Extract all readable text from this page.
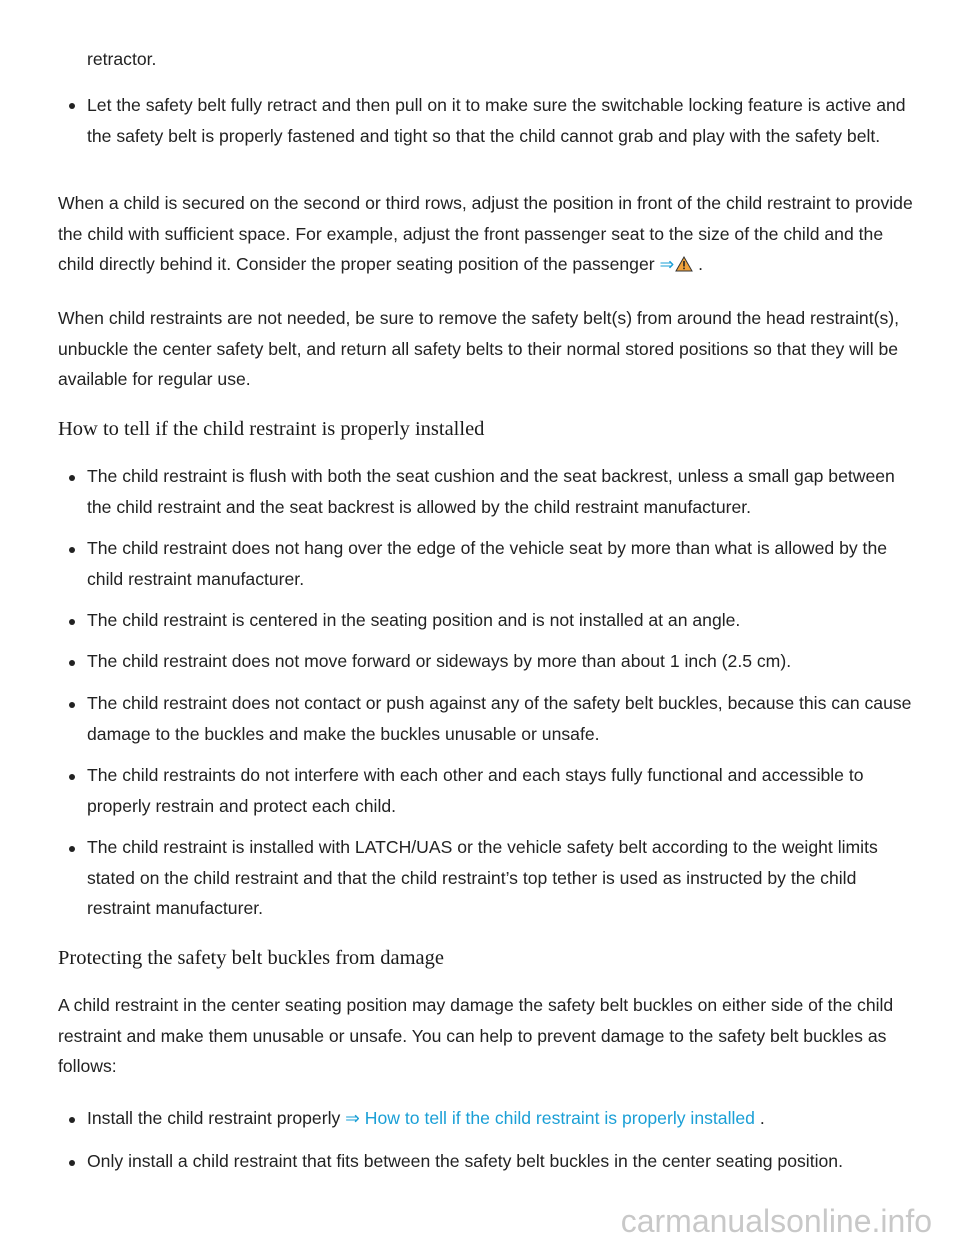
retractor.

Let the safety belt fully retract and then pull on it to make sure the switchable locking feature is active and the safety belt is properly fastened and tight so that the child cannot grab and play with the safety belt.

When a child is secured on the second or third rows, adjust the position in front of the child restraint to provide the child with sufficient space. For example, adjust the front passenger seat to the size of the child and the child directly behind it. Consider the proper seating position of the passenger ⇒ .

When child restraints are not needed, be sure to remove the safety belt(s) from around the head restraint(s), unbuckle the center safety belt, and return all safety belts to their normal stored positions so that they will be available for regular use.

How to tell if the child restraint is properly installed

The child restraint is flush with both the seat cushion and the seat backrest, unless a small gap between the child restraint and the seat backrest is allowed by the child restraint manufacturer.

The child restraint does not hang over the edge of the vehicle seat by more than what is allowed by the child restraint manufacturer.

The child restraint is centered in the seating position and is not installed at an angle.

The child restraint does not move forward or sideways by more than about 1 inch (2.5 cm).

The child restraint does not contact or push against any of the safety belt buckles, because this can cause damage to the buckles and make the buckles unusable or unsafe.

The child restraints do not interfere with each other and each stays fully functional and accessible to properly restrain and protect each child.

The child restraint is installed with LATCH/UAS or the vehicle safety belt according to the weight limits stated on the child restraint and that the child restraint’s top tether is used as instructed by the child restraint manufacturer.

Protecting the safety belt buckles from damage

A child restraint in the center seating position may damage the safety belt buckles on either side of the child restraint and make them unusable or unsafe. You can help to prevent damage to the safety belt buckles as follows:

Install the child restraint properly ⇒ How to tell if the child restraint is properly installed .

Only install a child restraint that fits between the safety belt buckles in the center seating position.

carmanualsonline.info
